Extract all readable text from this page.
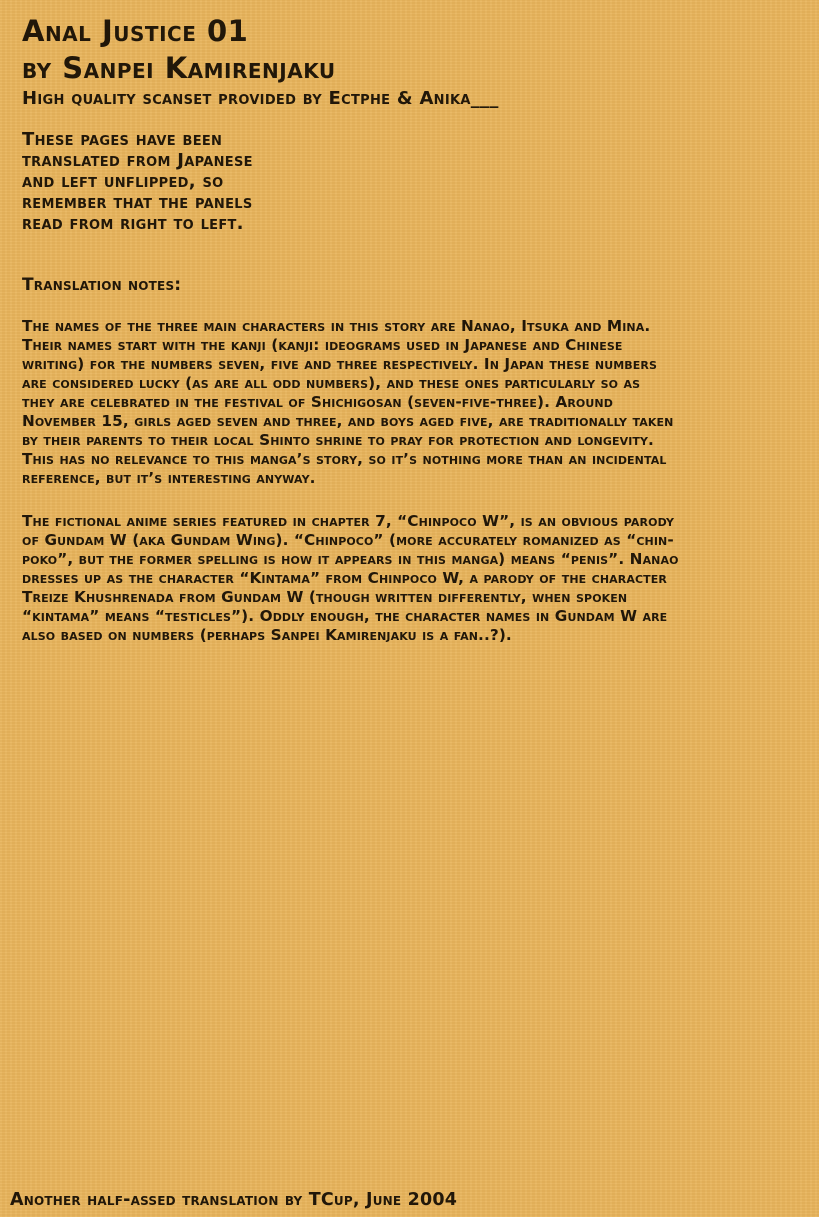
Anal Justice 01
by Sanpei Kamirenjaku
High quality scanset provided by Ectphe & Anika___
These pages have been
translated from Japanese
and left unflipped, so
remember that the panels
read from right to left.
Translation notes:
The names of the three main characters in this story are Nanao, Itsuka and Mina.
Their names start with the kanji (kanji: ideograms used in Japanese and Chinese
writing) for the numbers seven, five and three respectively. In Japan these numbers
are considered lucky (as are all odd numbers), and these ones particularly so as
they are celebrated in the festival of Shichigosan (seven-five-three). Around
November 15, girls aged seven and three, and boys aged five, are traditionally taken
by their parents to their local Shinto shrine to pray for protection and longevity.
This has no relevance to this manga’s story, so it’s nothing more than an incidental
reference, but it’s interesting anyway.
The fictional anime series featured in chapter 7, “Chinpoco W”, is an obvious parody
of Gundam W (aka Gundam Wing). “Chinpoco” (more accurately romanized as “chin-
poko”, but the former spelling is how it appears in this manga) means “penis”. Nanao
dresses up as the character “Kintama” from Chinpoco W, a parody of the character
Treize Khushrenada from Gundam W (though written differently, when spoken
“kintama” means “testicles”). Oddly enough, the character names in Gundam W are
also based on numbers (perhaps Sanpei Kamirenjaku is a fan..?).
Another half-assed translation by TCup, June 2004
